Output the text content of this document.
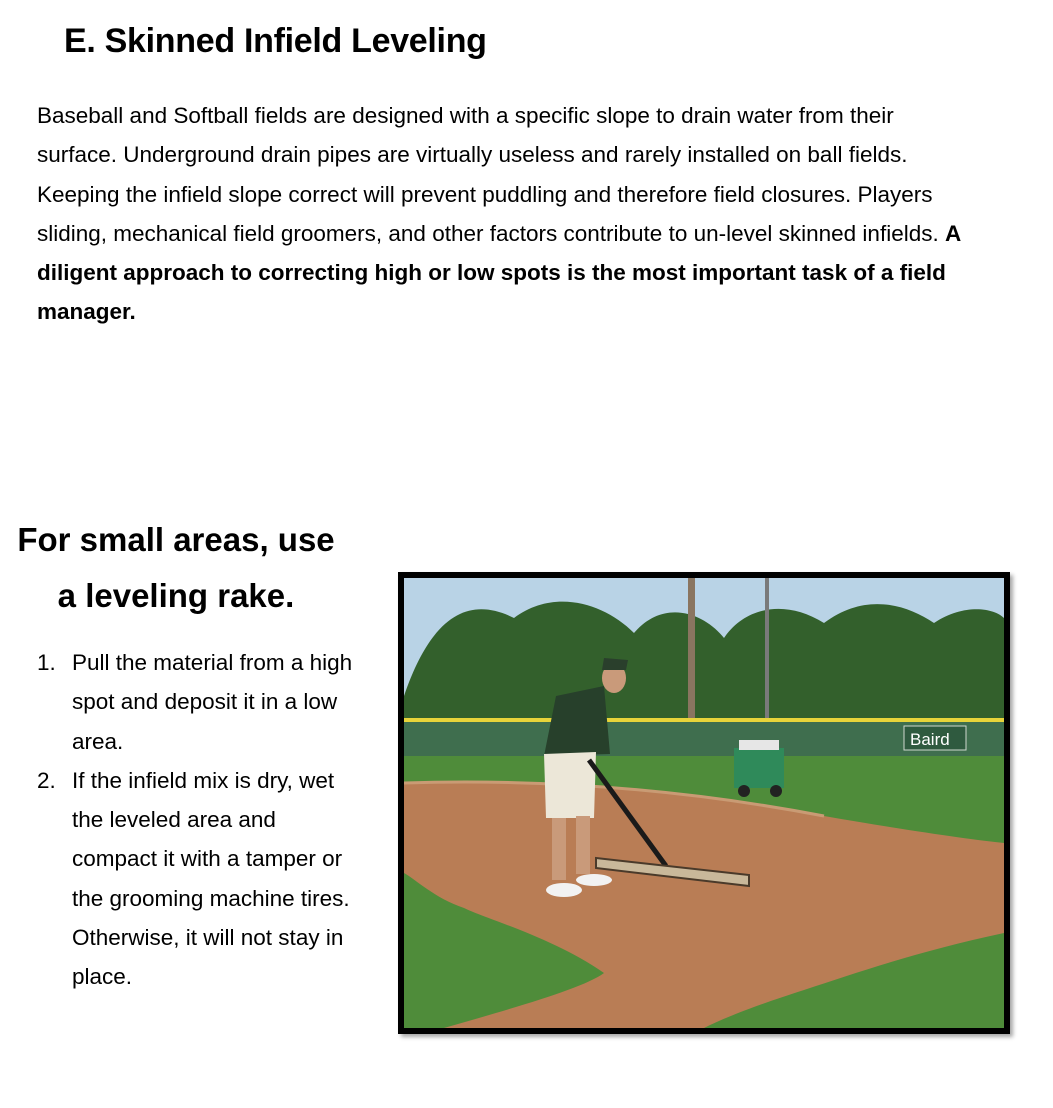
E. Skinned Infield Leveling

Baseball and Softball fields are designed with a specific slope to drain water from their surface. Underground drain pipes are virtually useless and rarely installed on ball fields. Keeping the infield slope correct will prevent puddling and therefore field closures. Players sliding, mechanical field groomers, and other factors contribute to un-level skinned infields. A diligent approach to correcting high or low spots is the most important task of a field manager.

For small areas, use
a leveling rake.
1. Pull the material from a high spot and deposit it in a low area.
2. If the infield mix is dry, wet the leveled area and compact it with a tamper or the grooming machine tires. Otherwise, it will not stay in place.
Baird
